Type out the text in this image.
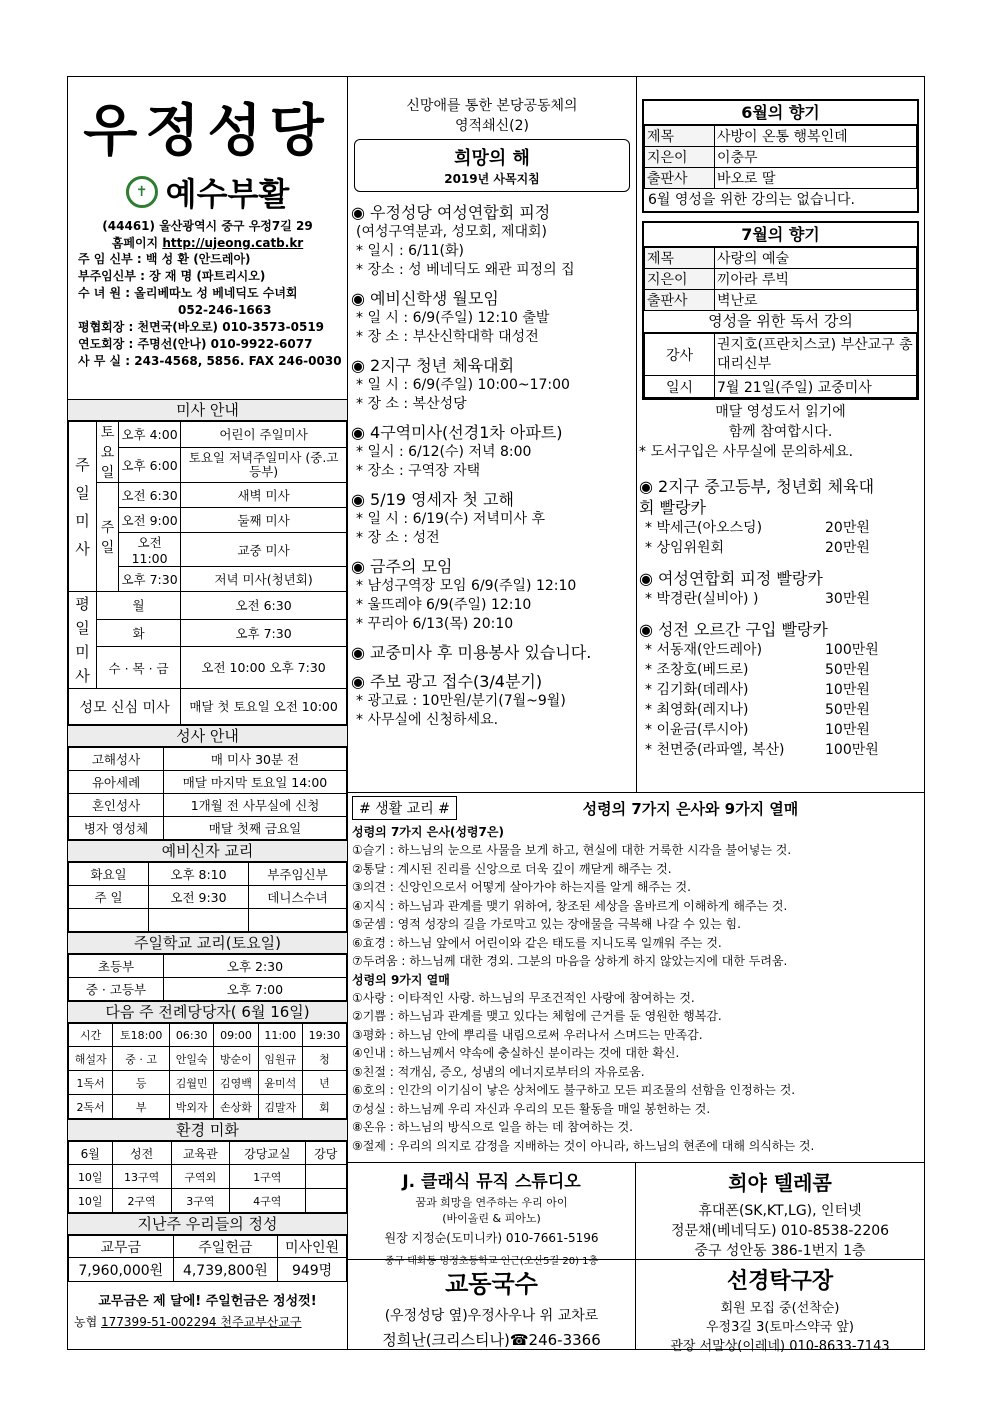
우정성당
✝ 예수부활
(44461) 울산광역시 중구 우정7길 29
홈페이지 http://ujeong.catb.kr
주 임 신부 : 백 성 환 (안드레아)
부주임신부 : 장 재 명 (파트리시오)
수 녀 원 : 올리베따노 성 베네딕도 수녀회
052-246-1663
평협회장 : 천면국(바오로) 010-3573-0519
연도회장 : 주명선(안나) 010-9922-6077
사 무 실 : 243-4568, 5856. FAX 246-0030
미사 안내
주일미사	토요일	오후 4:00	어린이 주일미사
		오후 6:00	토요일 저녁주일미사 (중.고등부)
	주일	오전 6:30	새벽 미사
		오전 9:00	둘째 미사
		오전11:00	교중 미사
		오후 7:30	저녁 미사(청년회)
평일미사	월		오전 6:30
	화		오후 7:30
	수 · 목 · 금		오전 10:00 오후 7:30
성모 신심 미사			매달 첫 토요일 오전 10:00
성사 안내
고해성사	매 미사 30분 전
유아세례	매달 마지막 토요일 14:00
혼인성사	1개월 전 사무실에 신청
병자 영성체	매달 첫째 금요일
예비신자 교리
화요일	오후 8:10	부주임신부
주 일	오전 9:30	데니스수녀

주일학교 교리(토요일)
초등부	오후 2:30
중 · 고등부	오후 7:00
다음 주 전례당당자( 6월 16일)
시간	토18:00	06:30	09:00	11:00	19:30
해설자	중 · 고	안일숙	방순이	임원규	청
1독서	등	김월민	김영백	윤미석	년
2독서	부	박외자	손상화	김말자	회
환경 미화
6월	성전	교육관	강당교실	강당
10일	13구역	구역외	1구역	
10일	2구역	3구역	4구역	
지난주 우리들의 정성
교무금	주일헌금	미사인원
7,960,000원	4,739,800원	949명
교무금은 제 달에! 주일헌금은 정성껏!
농협 177399-51-002294 천주교부산교구
신망애를 통한 본당공동체의
영적쇄신(2)
희망의 해
2019년 사목지침
◉ 우정성당 여성연합회 피정
(여성구역분과, 성모회, 제대회)
* 일시 : 6/11(화)
* 장소 : 성 베네딕도 왜관 피정의 집
◉ 예비신학생 월모임
* 일 시 : 6/9(주일) 12:10 출발
* 장 소 : 부산신학대학 대성전
◉ 2지구 청년 체육대회
* 일 시 : 6/9(주일) 10:00~17:00
* 장 소 : 복산성당
◉ 4구역미사(선경1차 아파트)
* 일시 : 6/12(수) 저녁 8:00
* 장소 : 구역장 자택
◉ 5/19 영세자 첫 고해
* 일 시 : 6/19(수) 저녁미사 후
* 장 소 : 성전
◉ 금주의 모임
* 남성구역장 모임 6/9(주일) 12:10
* 울뜨레야 6/9(주일) 12:10
* 꾸리아 6/13(목) 20:10
◉ 교중미사 후 미용봉사 있습니다.
◉ 주보 광고 접수(3/4분기)
* 광고료 : 10만원/분기(7월~9월)
* 사무실에 신청하세요.
6월의 향기
제목	사방이 온통 행복인데
지은이	이충무
출판사	바오로 딸
6월 영성을 위한 강의는 없습니다.
7월의 향기
제목	사랑의 예술
지은이	끼아라 루빅
출판사	벽난로
영성을 위한 독서 강의
강사	권지호(프란치스코) 부산교구 총대리신부
일시	7월 21일(주일) 교중미사
매달 영성도서 읽기에
함께 참여합시다.
* 도서구입은 사무실에 문의하세요.
◉ 2지구 중고등부, 청년회 체육대회 빨랑카
* 박세근(아오스딩)	20만원
* 상임위원회	20만원
◉ 여성연합회 피정 빨랑카
* 박경란(실비아) )	30만원
◉ 성전 오르간 구입 빨랑카
* 서동재(안드레아)	100만원
* 조창호(베드로)	50만원
* 김기화(데레사)	10만원
* 최영화(레지나)	50만원
* 이윤금(루시아)	10만원
* 천면중(라파엘, 복산)	100만원
# 생활 교리 #	성령의 7가지 은사와 9가지 열매
성령의 7가지 은사(성령7은)
①슬기 : 하느님의 눈으로 사물을 보게 하고, 현실에 대한 거룩한 시각을 불어넣는 것.
②통달 : 계시된 진리를 신앙으로 더욱 깊이 깨닫게 해주는 것.
③의견 : 신앙인으로서 어떻게 살아가야 하는지를 알게 해주는 것.
④지식 : 하느님과 관계를 맺기 위하여, 창조된 세상을 올바르게 이해하게 해주는 것.
⑤굳셈 : 영적 성장의 길을 가로막고 있는 장애물을 극복해 나갈 수 있는 힘.
⑥효경 : 하느님 앞에서 어린이와 같은 태도를 지니도록 일깨워 주는 것.
⑦두려움 : 하느님께 대한 경외. 그분의 마음을 상하게 하지 않았는지에 대한 두려움.
성령의 9가지 열매
①사랑 : 이타적인 사랑. 하느님의 무조건적인 사랑에 참여하는 것.
②기쁨 : 하느님과 관계를 맺고 있다는 체험에 근거를 둔 영원한 행복감.
③평화 : 하느님 안에 뿌리를 내림으로써 우러나서 스며드는 만족감.
④인내 : 하느님께서 약속에 충실하신 분이라는 것에 대한 확신.
⑤친절 : 적개심, 증오, 성냄의 에너지로부터의 자유로움.
⑥호의 : 인간의 이기심이 낳은 상처에도 불구하고 모든 피조물의 선함을 인정하는 것.
⑦성실 : 하느님께 우리 자신과 우리의 모든 활동을 매일 봉헌하는 것.
⑧온유 : 하느님의 방식으로 일을 하는 데 참여하는 것.
⑨절제 : 우리의 의지로 감정을 지배하는 것이 아니라, 하느님의 현존에 대해 의식하는 것.
J. 클래식 뮤직 스튜디오
꿈과 희망을 연주하는 우리 아이
(바이올린 & 피아노)
원장 지정순(도미니카) 010-7661-5196
중구 태화동 명정초등학교 인근(오산5길 20) 1층
희야 텔레콤
휴대폰(SK,KT,LG), 인터넷
정문채(베네딕도) 010-8538-2206
중구 성안동 386-1번지 1층
교동국수
(우정성당 옆)우정사우나 위 교차로
정희난(크리스티나)☎246-3366
선경탁구장
회원 모집 중(선착순)
우정3길 3(토마스약국 앞)
관장 서말상(이레네) 010-8633-7143
